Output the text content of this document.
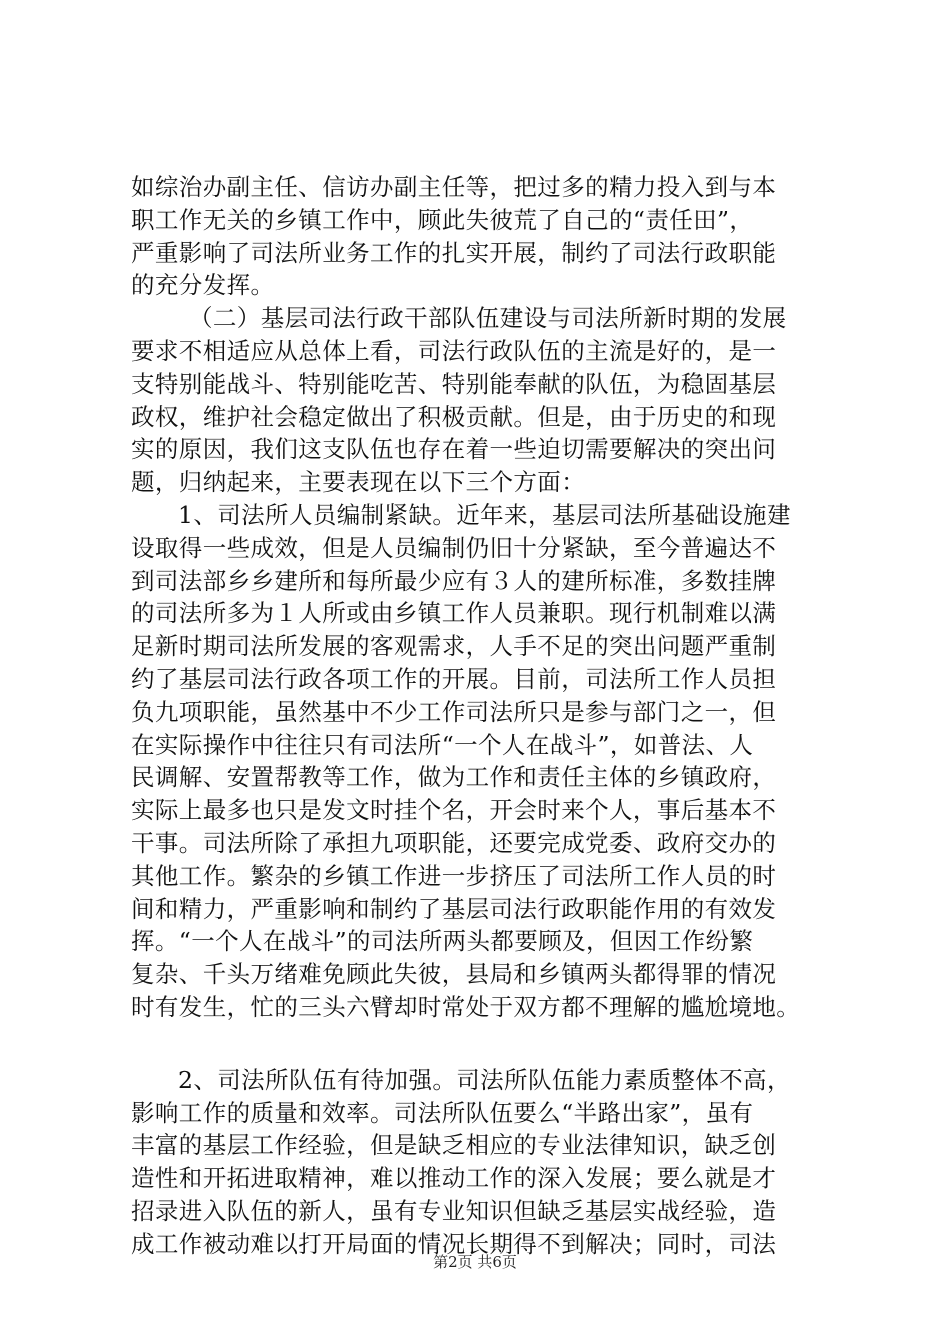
如综治办副主任、信访办副主任等，把过多的精力投入到与本
职工作无关的乡镇工作中，顾此失彼荒了自己的“责任田”，
严重影响了司法所业务工作的扎实开展，制约了司法行政职能
的充分发挥。
（二）基层司法行政干部队伍建设与司法所新时期的发展
要求不相适应从总体上看，司法行政队伍的主流是好的，是一
支特别能战斗、特别能吃苦、特别能奉献的队伍，为稳固基层
政权，维护社会稳定做出了积极贡献。但是，由于历史的和现
实的原因，我们这支队伍也存在着一些迫切需要解决的突出问
题，归纳起来，主要表现在以下三个方面：
1、司法所人员编制紧缺。近年来，基层司法所基础设施建
设取得一些成效，但是人员编制仍旧十分紧缺，至今普遍达不
到司法部乡乡建所和每所最少应有３人的建所标准，多数挂牌
的司法所多为１人所或由乡镇工作人员兼职。现行机制难以满
足新时期司法所发展的客观需求，人手不足的突出问题严重制
约了基层司法行政各项工作的开展。目前，司法所工作人员担
负九项职能，虽然基中不少工作司法所只是参与部门之一，但
在实际操作中往往只有司法所“一个人在战斗”，如普法、人
民调解、安置帮教等工作，做为工作和责任主体的乡镇政府，
实际上最多也只是发文时挂个名，开会时来个人，事后基本不
干事。司法所除了承担九项职能，还要完成党委、政府交办的
其他工作。繁杂的乡镇工作进一步挤压了司法所工作人员的时
间和精力，严重影响和制约了基层司法行政职能作用的有效发
挥。“一个人在战斗”的司法所两头都要顾及，但因工作纷繁
复杂、千头万绪难免顾此失彼，县局和乡镇两头都得罪的情况
时有发生，忙的三头六臂却时常处于双方都不理解的尴尬境地。
2、司法所队伍有待加强。司法所队伍能力素质整体不高，
影响工作的质量和效率。司法所队伍要么“半路出家”，虽有
丰富的基层工作经验，但是缺乏相应的专业法律知识，缺乏创
造性和开拓进取精神，难以推动工作的深入发展；要么就是才
招录进入队伍的新人，虽有专业知识但缺乏基层实战经验，造
成工作被动难以打开局面的情况长期得不到解决；同时，司法
第2页 共6页
